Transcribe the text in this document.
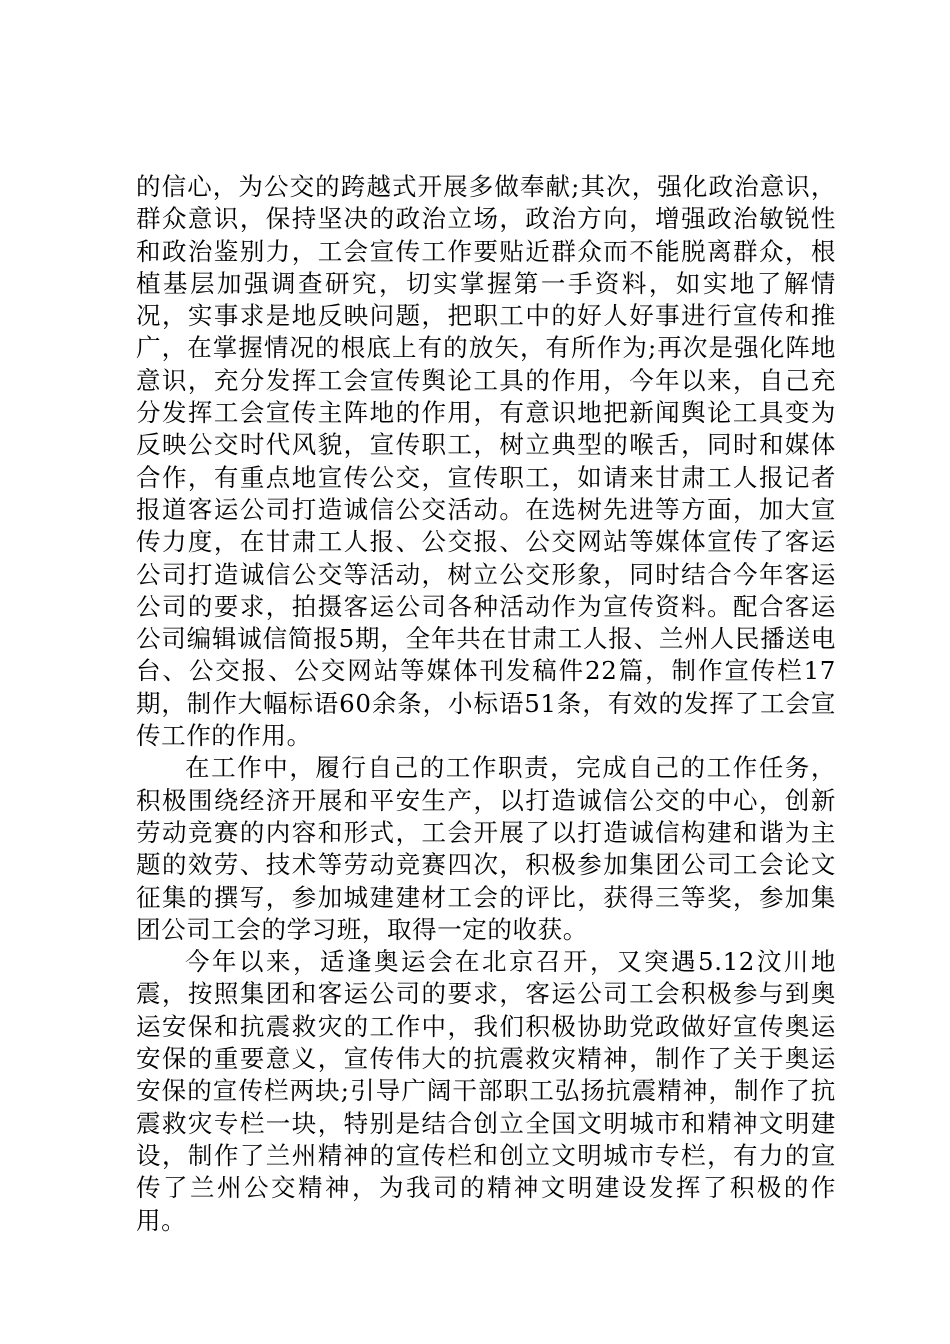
的信心，为公交的跨越式开展多做奉献;其次，强化政治意识，群众意识，保持坚决的政治立场，政治方向，增强政治敏锐性和政治鉴别力，工会宣传工作要贴近群众而不能脱离群众，根植基层加强调查研究，切实掌握第一手资料，如实地了解情况，实事求是地反映问题，把职工中的好人好事进行宣传和推广，在掌握情况的根底上有的放矢，有所作为;再次是强化阵地意识，充分发挥工会宣传舆论工具的作用，今年以来，自己充分发挥工会宣传主阵地的作用，有意识地把新闻舆论工具变为反映公交时代风貌，宣传职工，树立典型的喉舌，同时和媒体合作，有重点地宣传公交，宣传职工，如请来甘肃工人报记者报道客运公司打造诚信公交活动。在选树先进等方面，加大宣传力度，在甘肃工人报、公交报、公交网站等媒体宣传了客运公司打造诚信公交等活动，树立公交形象，同时结合今年客运公司的要求，拍摄客运公司各种活动作为宣传资料。配合客运公司编辑诚信简报5期，全年共在甘肃工人报、兰州人民播送电台、公交报、公交网站等媒体刊发稿件22篇，制作宣传栏17期，制作大幅标语60余条，小标语51条，有效的发挥了工会宣传工作的作用。

在工作中，履行自己的工作职责，完成自己的工作任务，积极围绕经济开展和平安生产，以打造诚信公交的中心，创新劳动竞赛的内容和形式，工会开展了以打造诚信构建和谐为主题的效劳、技术等劳动竞赛四次，积极参加集团公司工会论文征集的撰写，参加城建建材工会的评比，获得三等奖，参加集团公司工会的学习班，取得一定的收获。

今年以来，适逢奥运会在北京召开，又突遇5.12汶川地震，按照集团和客运公司的要求，客运公司工会积极参与到奥运安保和抗震救灾的工作中，我们积极协助党政做好宣传奥运安保的重要意义，宣传伟大的抗震救灾精神，制作了关于奥运安保的宣传栏两块;引导广阔干部职工弘扬抗震精神，制作了抗震救灾专栏一块，特别是结合创立全国文明城市和精神文明建设，制作了兰州精神的宣传栏和创立文明城市专栏，有力的宣传了兰州公交精神，为我司的精神文明建设发挥了积极的作用。
